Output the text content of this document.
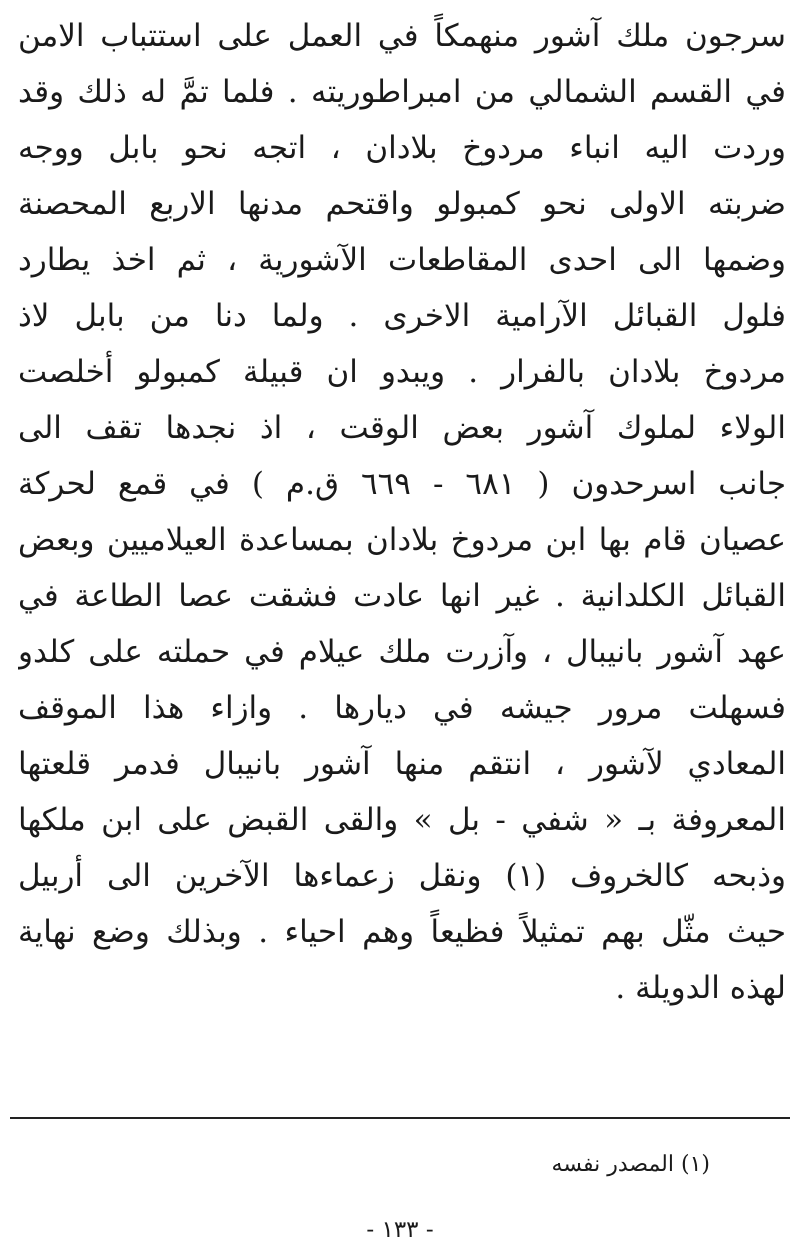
سرجون ملك آشور منهمكاً في العمل على استتباب الامن
في القسم الشمالي من امبراطوريته . فلما تمَّ له ذلك وقد
وردت اليه انباء مردوخ بلادان ، اتجه نحو بابل ووجه
ضربته الاولى نحو كمبولو واقتحم مدنها الاربع المحصنة
وضمها الى احدى المقاطعات الآشورية ، ثم اخذ يطارد
فلول القبائل الآرامية الاخرى . ولما دنا من بابل لاذ
مردوخ بلادان بالفرار . ويبدو ان قبيلة كمبولو أخلصت
الولاء لملوك آشور بعض الوقت ، اذ نجدها تقف الى
جانب اسرحدون ( ٦٨١ - ٦٦٩ ق.م ) في قمع لحركة
عصيان قام بها ابن مردوخ بلادان بمساعدة العيلاميين وبعض
القبائل الكلدانية . غير انها عادت فشقت عصا الطاعة في
عهد آشور بانيبال ، وآزرت ملك عيلام في حملته على كلدو
فسهلت مرور جيشه في ديارها . وازاء هذا الموقف
المعادي لآشور ، انتقم منها آشور بانيبال فدمر قلعتها
المعروفة بـ « شفي - بل » والقى القبض على ابن ملكها
وذبحه كالخروف (١) ونقل زعماءها الآخرين الى أربيل
حيث مثّل بهم تمثيلاً فظيعاً وهم احياء . وبذلك وضع نهاية
لهذه الدويلة .
(١) المصدر نفسه
- ١٣٣ -
